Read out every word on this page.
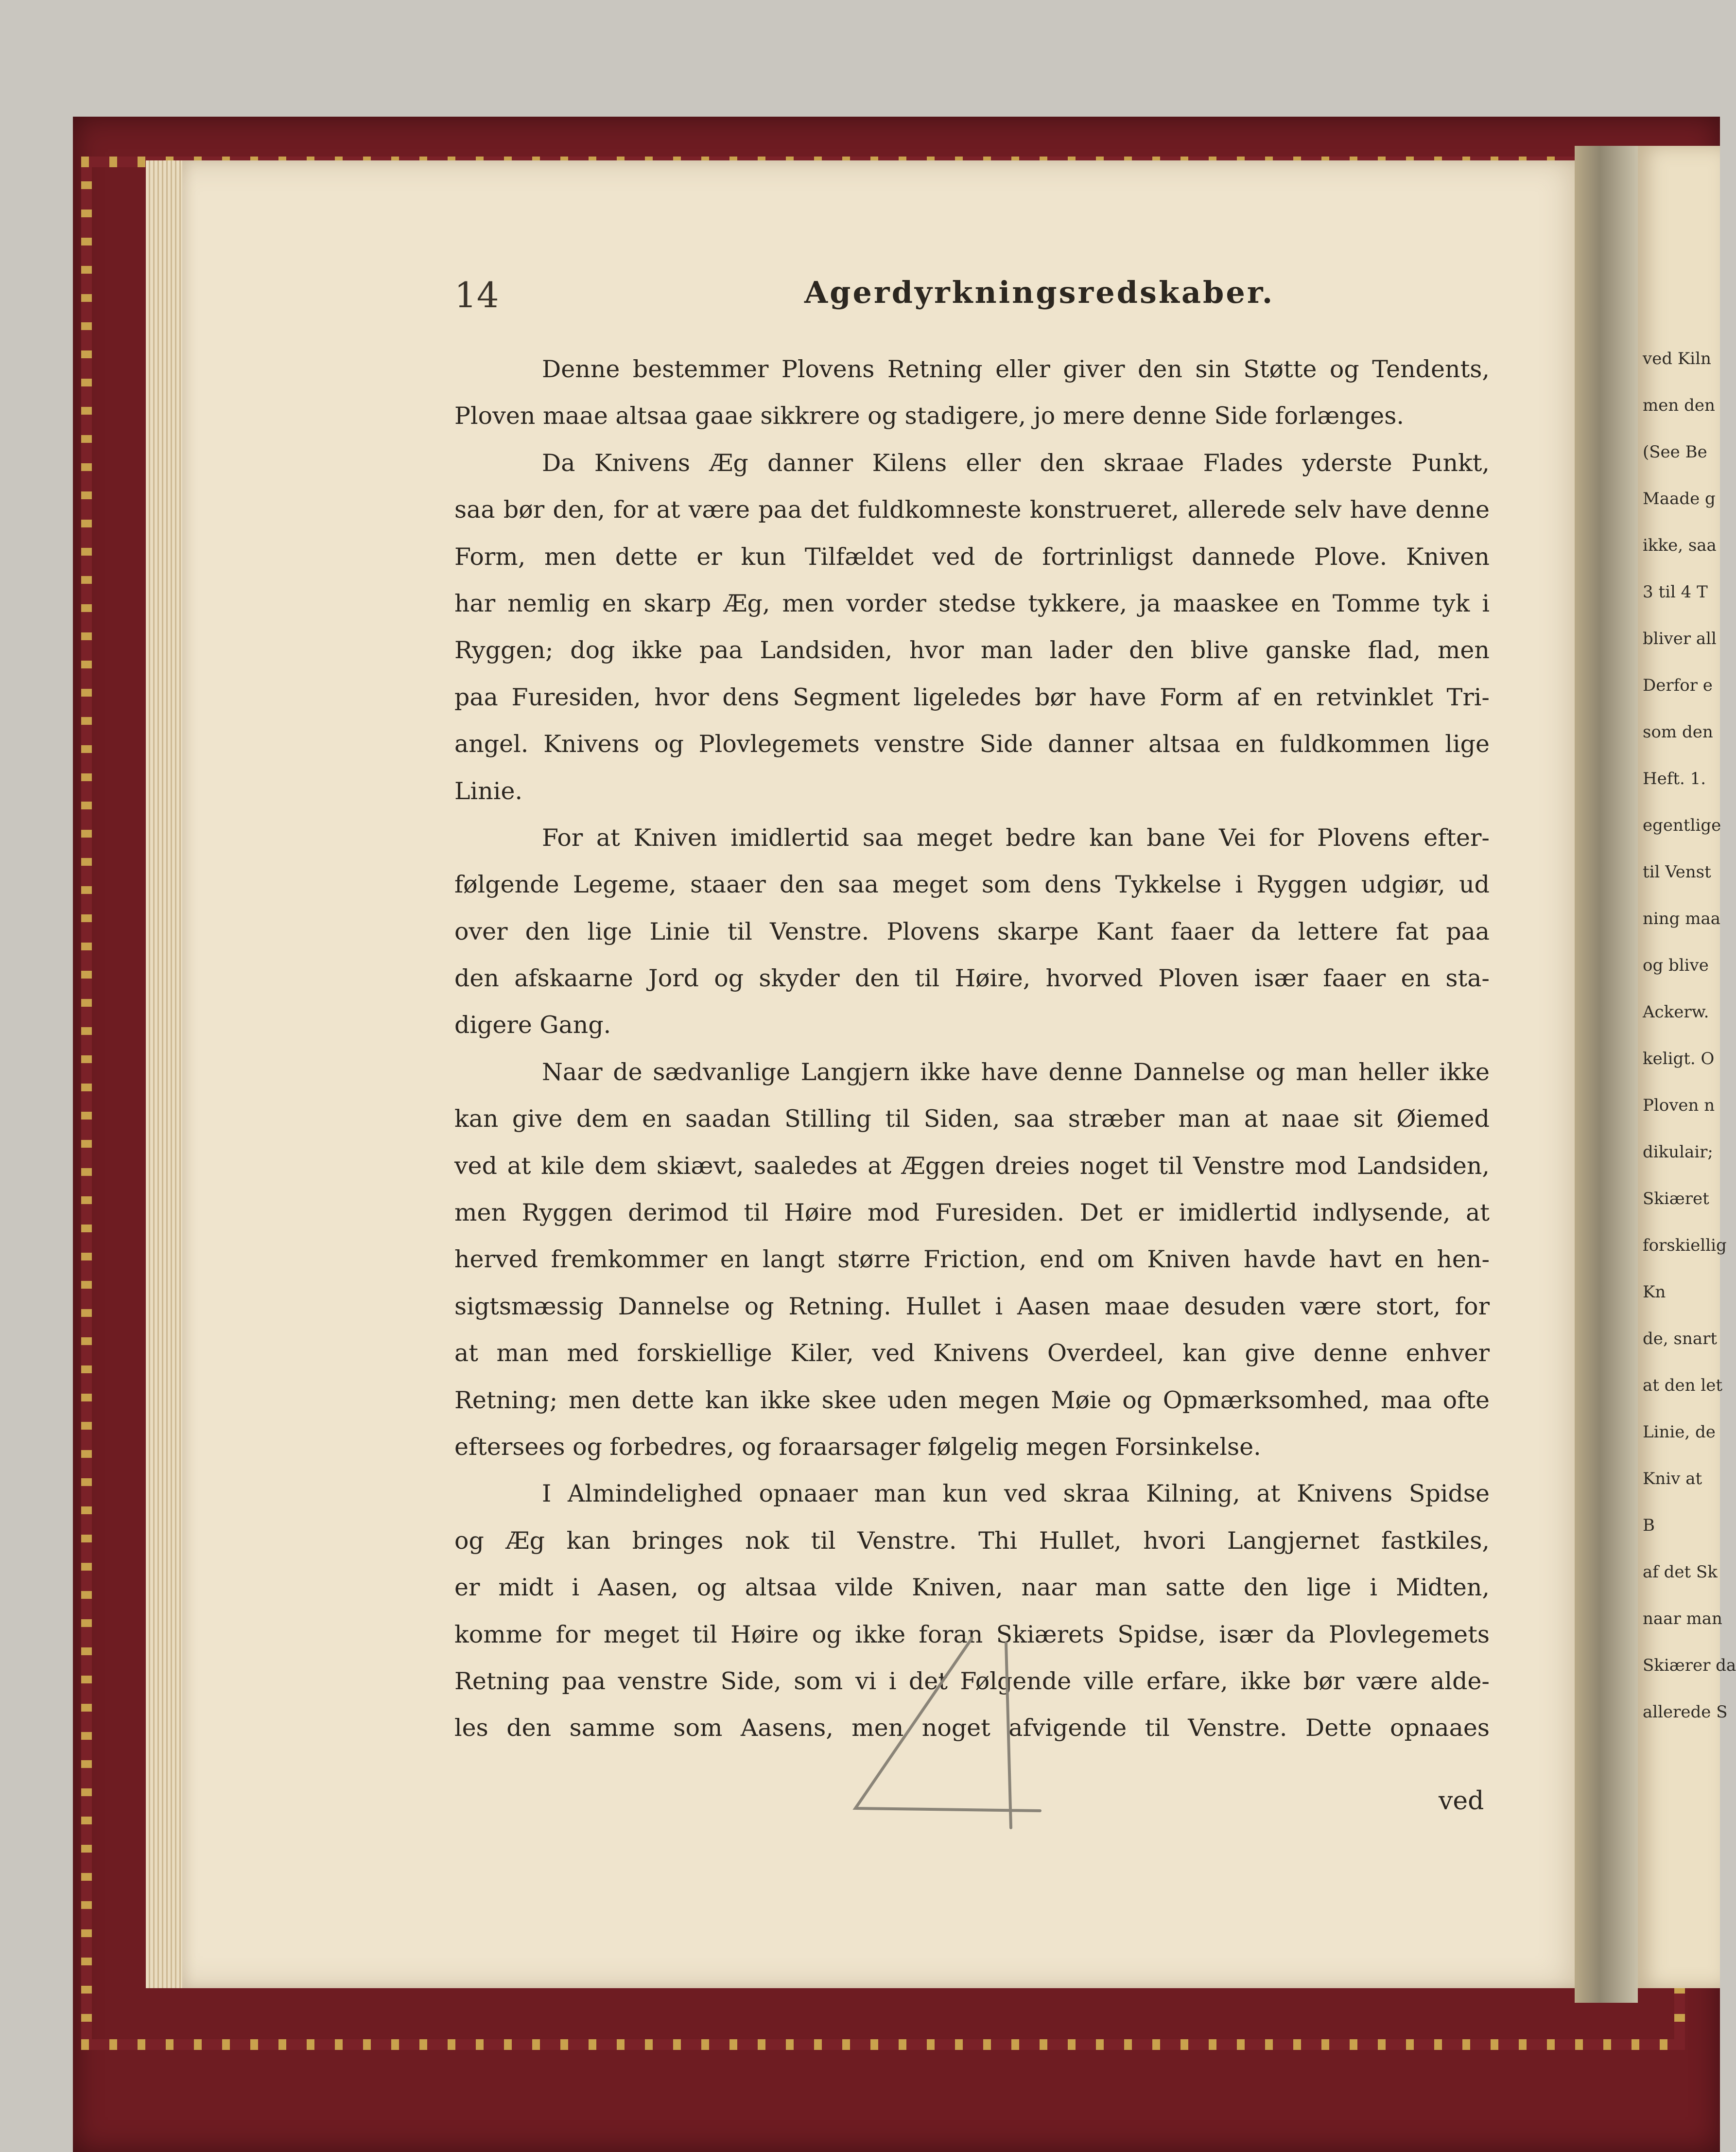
ved Kiln
men den
(See Be
Maade g
ikke, saa
3 til 4 T
bliver all
Derfor e
som den
Heft. 1.
egentlige
til Venst
ning maa
og blive
Ackerw.
keligt. O
Ploven n
dikulair;
Skiæret
forskiellig
Kn
de, snart
at den let
Linie, de
Kniv at
B
af det Sk
naar man
Skiærer da
allerede S
14	Agerdyrkningsredskaber.
Denne bestemmer Plovens Retning eller giver den sin Støtte og Tendents,
Ploven maae altsaa gaae sikkrere og stadigere, jo mere denne Side forlænges.
Da Knivens Æg danner Kilens eller den skraae Flades yderste Punkt,
saa bør den, for at være paa det fuldkomneste konstrueret, allerede selv have denne
Form, men dette er kun Tilfældet ved de fortrinligst dannede Plove. Kniven
har nemlig en skarp Æg, men vorder stedse tykkere, ja maaskee en Tomme tyk i
Ryggen; dog ikke paa Landsiden, hvor man lader den blive ganske flad, men
paa Furesiden, hvor dens Segment ligeledes bør have Form af en retvinklet Tri-
angel. Knivens og Plovlegemets venstre Side danner altsaa en fuldkommen lige
Linie.
For at Kniven imidlertid saa meget bedre kan bane Vei for Plovens efter-
følgende Legeme, staaer den saa meget som dens Tykkelse i Ryggen udgiør, ud
over den lige Linie til Venstre. Plovens skarpe Kant faaer da lettere fat paa
den afskaarne Jord og skyder den til Høire, hvorved Ploven især faaer en sta-
digere Gang.
Naar de sædvanlige Langjern ikke have denne Dannelse og man heller ikke
kan give dem en saadan Stilling til Siden, saa stræber man at naae sit Øiemed
ved at kile dem skiævt, saaledes at Æggen dreies noget til Venstre mod Landsiden,
men Ryggen derimod til Høire mod Furesiden. Det er imidlertid indlysende, at
herved fremkommer en langt større Friction, end om Kniven havde havt en hen-
sigtsmæssig Dannelse og Retning. Hullet i Aasen maae desuden være stort, for
at man med forskiellige Kiler, ved Knivens Overdeel, kan give denne enhver
Retning; men dette kan ikke skee uden megen Møie og Opmærksomhed, maa ofte
eftersees og forbedres, og foraarsager følgelig megen Forsinkelse.
I Almindelighed opnaaer man kun ved skraa Kilning, at Knivens Spidse
og Æg kan bringes nok til Venstre. Thi Hullet, hvori Langjernet fastkiles,
er midt i Aasen, og altsaa vilde Kniven, naar man satte den lige i Midten,
komme for meget til Høire og ikke foran Skiærets Spidse, især da Plovlegemets
Retning paa venstre Side, som vi i det Følgende ville erfare, ikke bør være alde-
les den samme som Aasens, men noget afvigende til Venstre. Dette opnaaes
ved
